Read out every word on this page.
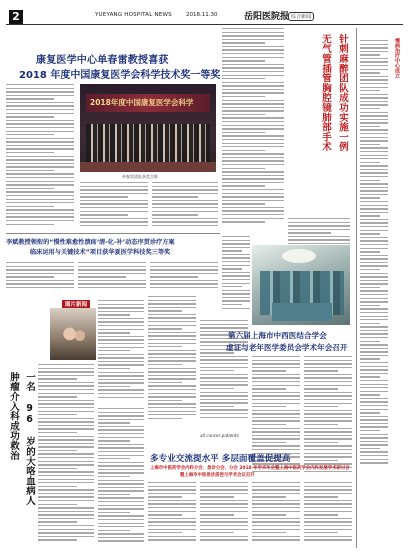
2	YUEYANG HOSPITAL NEWS	2018.11.30	岳阳医院报 综合新闻
康复医学中心单春雷教授喜获
2018 年度中国康复医学会科学技术奖一等奖
2018年度中国康复医学会科学
单春雷团队获奖合影
针刺麻醉团队成功实施一例
无气管插管胸腔镜肺部手术	慢病治疗中心成立
李斌教授领衔的“慢性难愈性溃疡‘清-化-补’动态序贯诊疗方案
临床运用与关键技术”项目获华夏医学科技奖三等奖
图片新闻
一名 96 岁的大咯血病人
肿瘤介入科成功救治
第六届上海市中西医结合学会
虚证与老年医学委员会学术年会召开
all cancer patients
多专业交流提水平 多层面覆盖促提高
上海市中医药学会内科分会、急诊分会、分会 2018 年学术年会暨上海中医药学会内科发展学术研讨会
暨上海市中医急诊质控与学术会议召开
